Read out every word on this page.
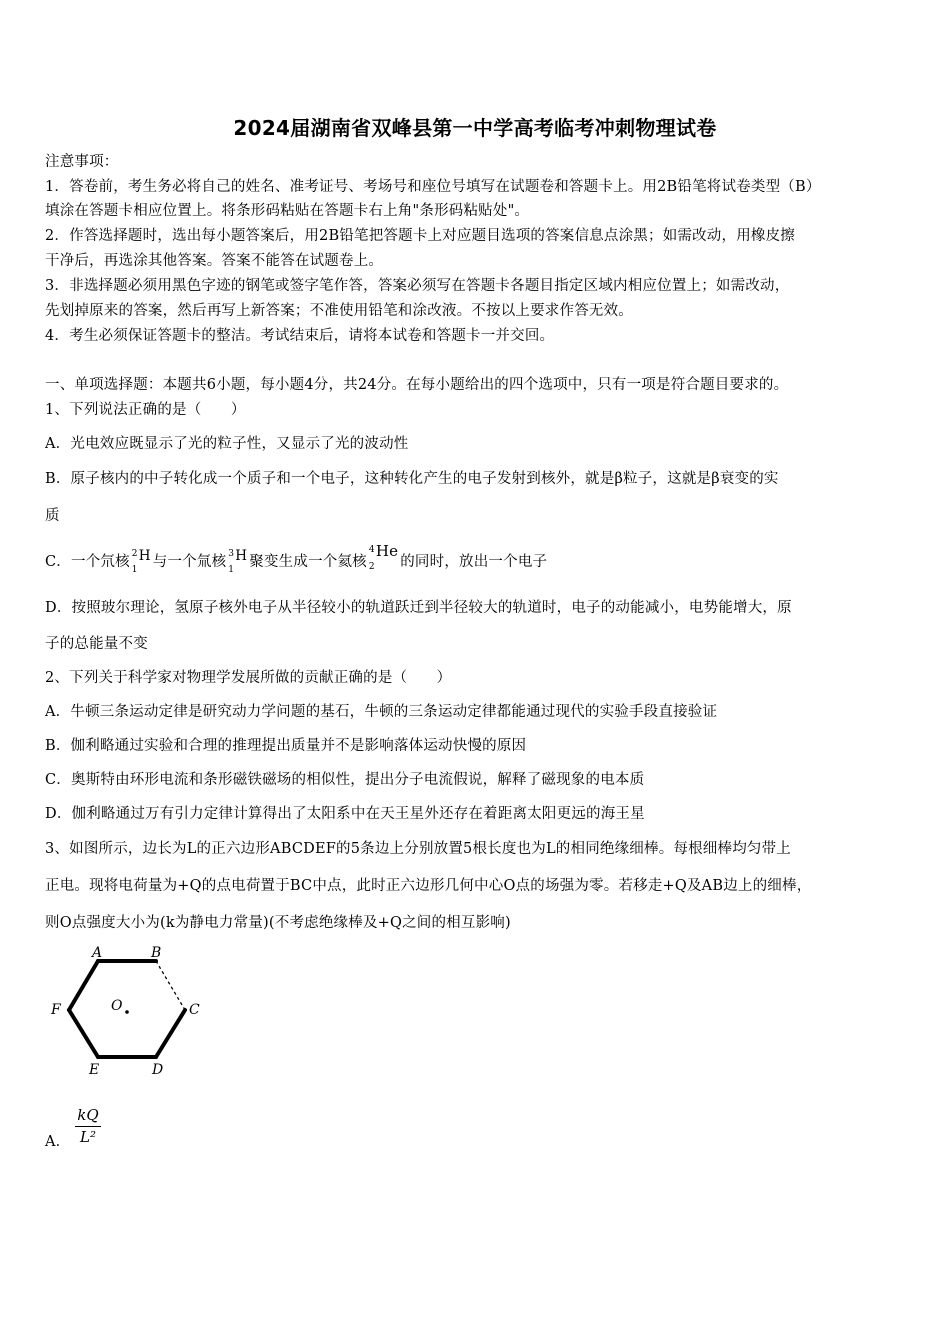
2024届湖南省双峰县第一中学高考临考冲刺物理试卷
注意事项：
1．答卷前，考生务必将自己的姓名、准考证号、考场号和座位号填写在试题卷和答题卡上。用2B铅笔将试卷类型（B）
填涂在答题卡相应位置上。将条形码粘贴在答题卡右上角"条形码粘贴处"。
2．作答选择题时，选出每小题答案后，用2B铅笔把答题卡上对应题目选项的答案信息点涂黑；如需改动，用橡皮擦
干净后，再选涂其他答案。答案不能答在试题卷上。
3．非选择题必须用黑色字迹的钢笔或签字笔作答，答案必须写在答题卡各题目指定区域内相应位置上；如需改动，
先划掉原来的答案，然后再写上新答案；不准使用铅笔和涂改液。不按以上要求作答无效。
4．考生必须保证答题卡的整洁。考试结束后，请将本试卷和答题卡一并交回。
一、单项选择题：本题共6小题，每小题4分，共24分。在每小题给出的四个选项中，只有一项是符合题目要求的。
1、下列说法正确的是（　　）
A．光电效应既显示了光的粒子性，又显示了光的波动性
B．原子核内的中子转化成一个质子和一个电子，这种转化产生的电子发射到核外，就是β粒子，这就是β衰变的实
质
C．一个氘核 2
1
H 与一个氚核 3
1
H 聚变生成一个氦核
4
2
He的同时，放出一个电子
D．按照玻尔理论，氢原子核外电子从半径较小的轨道跃迁到半径较大的轨道时，电子的动能减小，电势能增大，原
子的总能量不变
2、下列关于科学家对物理学发展所做的贡献正确的是（　　）
A．牛顿三条运动定律是研究动力学问题的基石，牛顿的三条运动定律都能通过现代的实验手段直接验证
B．伽利略通过实验和合理的推理提出质量并不是影响落体运动快慢的原因
C．奥斯特由环形电流和条形磁铁磁场的相似性，提出分子电流假说，解释了磁现象的电本质
D．伽利略通过万有引力定律计算得出了太阳系中在天王星外还存在着距离太阳更远的海王星
3、如图所示，边长为L的正六边形ABCDEF的5条边上分别放置5根长度也为L的相同绝缘细棒。每根细棒均匀带上
正电。现将电荷量为+Q的点电荷置于BC中点，此时正六边形几何中心O点的场强为零。若移走+Q及AB边上的细棒，
则O点强度大小为(k为静电力常量)(不考虑绝缘棒及+Q之间的相互影响)
A	B
C
D
E
F	O
A． $\frac{kQ}{\text{L²}}$
